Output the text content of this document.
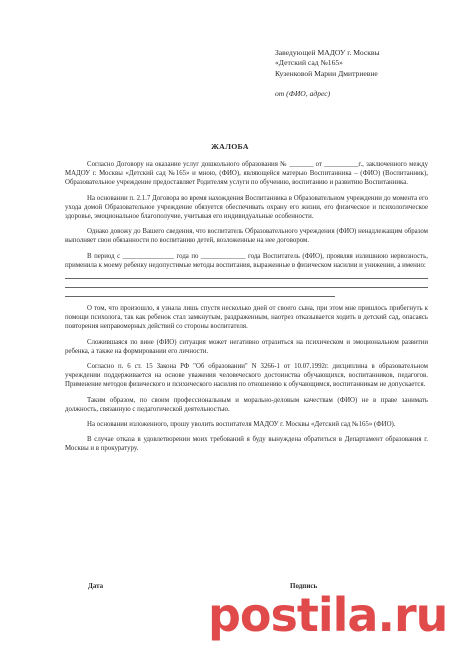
Заведующей МАДОУ г. Москвы
«Детский сад №165»
Кузенковой Марии Дмитриевне
от (ФИО, адрес)
ЖАЛОБА

Согласно Договору на оказание услуг дошкольного образования № _______ от __________г., заключенного между МАДОУ г. Москвы «Детский сад №165» и мною, (ФИО), являющейся матерью Воспитанника – (ФИО) (Воспитанник), Образовательное учреждение предоставляет Родителям услуги по обучению, воспитанию и развитию Воспитанника.

На основании п. 2.1.7 Договора во время нахождения Воспитанника в Образовательном учреждении до момента его ухода домой Образовательное учреждение обязуется обеспечивать охрану его жизни, его физическое и психологическое здоровье, эмоциональное благополучие, учитывая его индивидуальные особенности.

Однако довожу до Вашего сведения, что воспитатель Образовательного учреждения (ФИО) ненадлежащим образом выполняет свои обязанности по воспитанию детей, возложенные на нее договором.

В период с _______________ года по _____________ года Воспитатель (ФИО), проявляя излишнюю нервозность, применила к моему ребенку недопустимые методы воспитания, выраженные в физическом насилии и унижении, а именно:

О том, что произошло, я узнала лишь спустя несколько дней от своего сына, при этом мне пришлось прибегнуть к помощи психолога, так как ребенок стал замкнутым, раздраженным, наотрез отказывается ходить в детский сад, опасаясь повторения неправомерных действий со стороны воспитателя.

Сложившаяся по вине (ФИО) ситуация может негативно отразиться на психическом и эмоциональном развитии ребенка, а также на формировании его личности.

Согласно п. 6 ст. 15 Закона РФ "Об образовании" N 3266-1 от 10.07.1992г. дисциплина в образовательном учреждении поддерживается на основе уважения человеческого достоинства обучающихся, воспитанников, педагогов. Применение методов физического и психического насилия по отношению к обучающимся, воспитанникам не допускается.

Таким образом, по своим профессиональным и морально-деловым качествам (ФИО) не в праве занимать должность, связанную с педагогической деятельностью.

На основании изложенного, прошу уволить воспитателя МАДОУ г. Москвы «Детский сад №165» (ФИО).

В случае отказа в удовлетворении моих требований я буду вынуждена обратиться в Департамент образования г. Москвы и в прокуратуру.

Дата	Подпись
postila.ru
